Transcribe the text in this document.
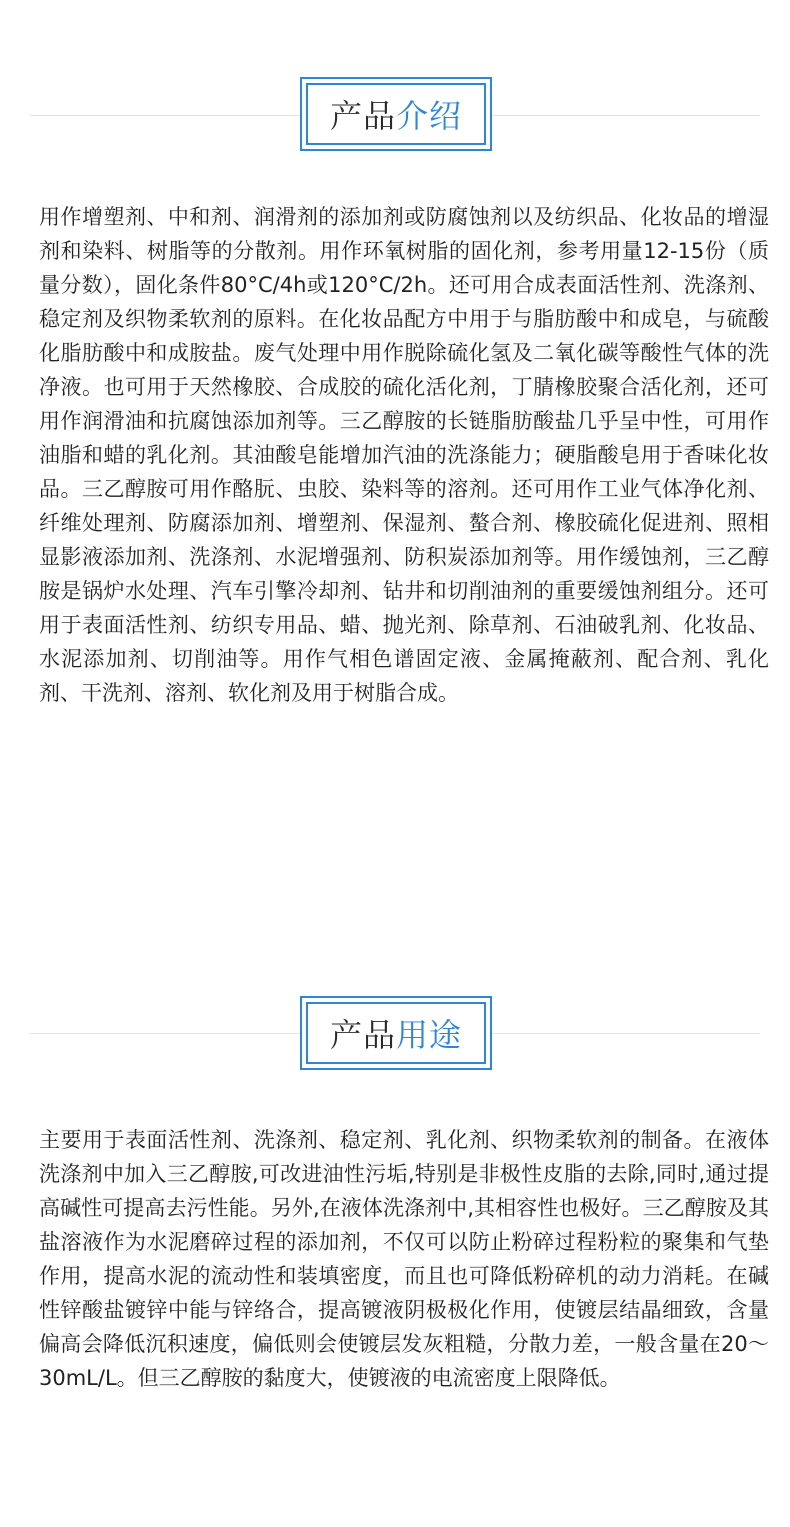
产品 介绍

用作增塑剂、中和剂、润滑剂的添加剂或防腐蚀剂以及纺织品、化妆品的增湿剂和染料、树脂等的分散剂。用作环氧树脂的固化剂，参考用量12-15份（质量分数），固化条件80°C/4h或120°C/2h。还可用合成表面活性剂、洗涤剂、稳定剂及织物柔软剂的原料。在化妆品配方中用于与脂肪酸中和成皂，与硫酸化脂肪酸中和成胺盐。废气处理中用作脱除硫化氢及二氧化碳等酸性气体的洗净液。也可用于天然橡胶、合成胶的硫化活化剂，丁腈橡胶聚合活化剂，还可用作润滑油和抗腐蚀添加剂等。三乙醇胺的长链脂肪酸盐几乎呈中性，可用作油脂和蜡的乳化剂。其油酸皂能增加汽油的洗涤能力；硬脂酸皂用于香味化妆品。三乙醇胺可用作酪朊、虫胶、染料等的溶剂。还可用作工业气体净化剂、纤维处理剂、防腐添加剂、增塑剂、保湿剂、螯合剂、橡胶硫化促进剂、照相显影液添加剂、洗涤剂、水泥增强剂、防积炭添加剂等。用作缓蚀剂，三乙醇胺是锅炉水处理、汽车引擎冷却剂、钻井和切削油剂的重要缓蚀剂组分。还可用于表面活性剂、纺织专用品、蜡、抛光剂、除草剂、石油破乳剂、化妆品、水泥添加剂、切削油等。用作气相色谱固定液、金属掩蔽剂、配合剂、乳化剂、干洗剂、溶剂、软化剂及用于树脂合成。

产品 用途

主要用于表面活性剂、洗涤剂、稳定剂、乳化剂、织物柔软剂的制备。在液体洗涤剂中加入三乙醇胺,可改进油性污垢,特别是非极性皮脂的去除,同时,通过提高碱性可提高去污性能。另外,在液体洗涤剂中,其相容性也极好。三乙醇胺及其盐溶液作为水泥磨碎过程的添加剂，不仅可以防止粉碎过程粉粒的聚集和气垫作用，提高水泥的流动性和装填密度，而且也可降低粉碎机的动力消耗。在碱性锌酸盐镀锌中能与锌络合，提高镀液阴极极化作用，使镀层结晶细致，含量偏高会降低沉积速度，偏低则会使镀层发灰粗糙，分散力差，一般含量在20～30mL/L。但三乙醇胺的黏度大，使镀液的电流密度上限降低。
